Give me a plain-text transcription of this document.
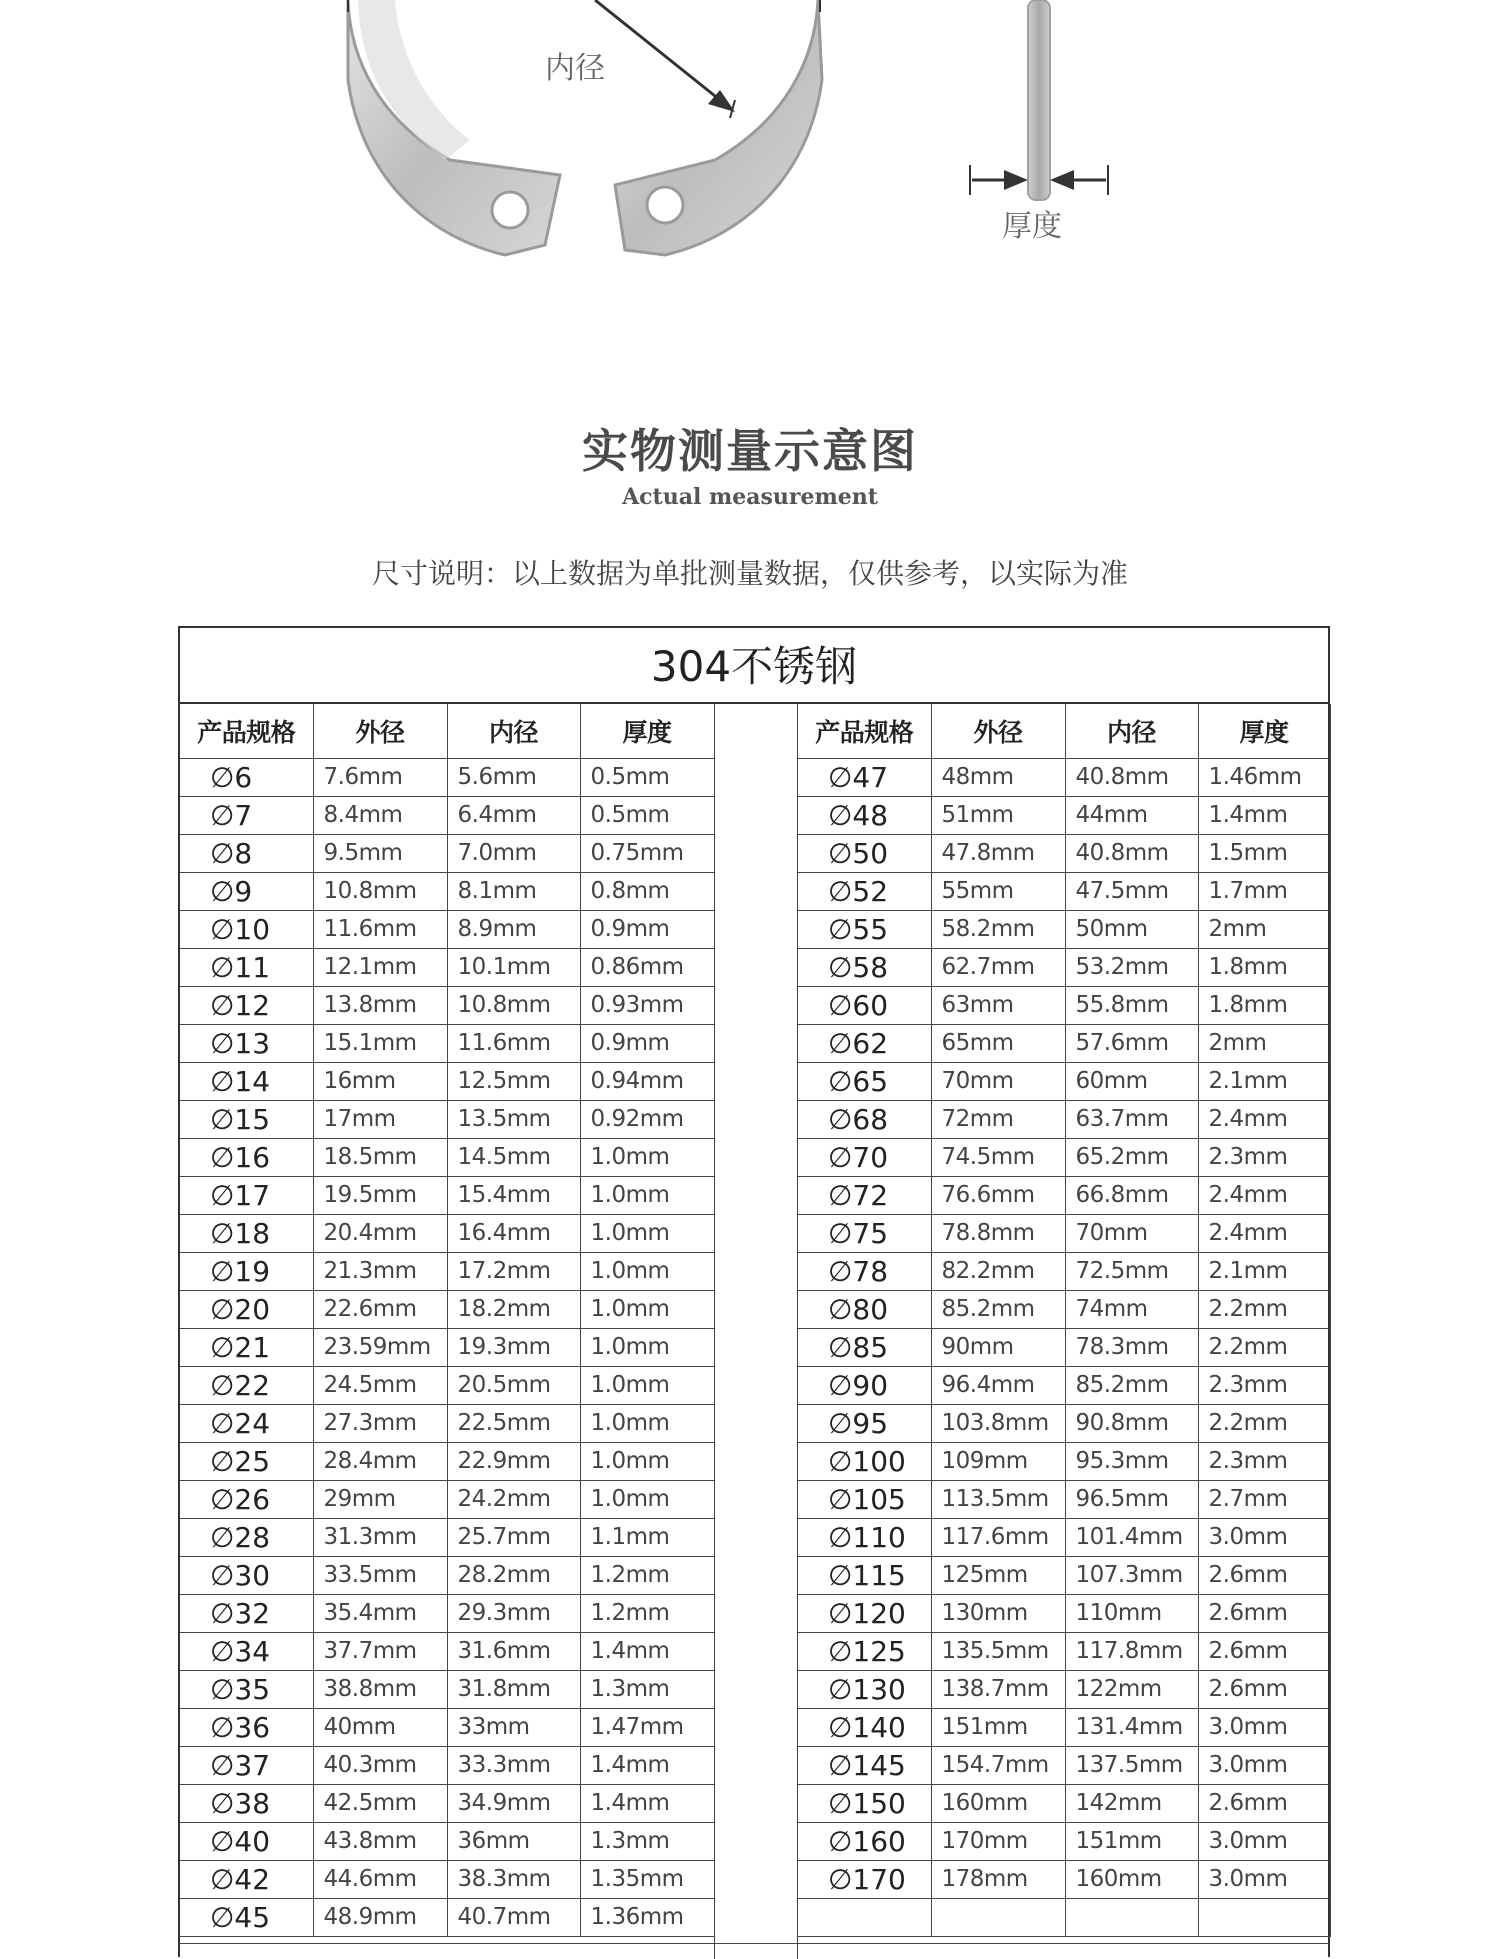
内径
厚度
实物测量示意图
Actual measurement
尺寸说明：以上数据为单批测量数据，仅供参考，以实际为准
304不锈钢
产品规格	外径	内径	厚度
∅6	7.6mm	5.6mm	0.5mm
∅7	8.4mm	6.4mm	0.5mm
∅8	9.5mm	7.0mm	0.75mm
∅9	10.8mm	8.1mm	0.8mm
∅10	11.6mm	8.9mm	0.9mm
∅11	12.1mm	10.1mm	0.86mm
∅12	13.8mm	10.8mm	0.93mm
∅13	15.1mm	11.6mm	0.9mm
∅14	16mm	12.5mm	0.94mm
∅15	17mm	13.5mm	0.92mm
∅16	18.5mm	14.5mm	1.0mm
∅17	19.5mm	15.4mm	1.0mm
∅18	20.4mm	16.4mm	1.0mm
∅19	21.3mm	17.2mm	1.0mm
∅20	22.6mm	18.2mm	1.0mm
∅21	23.59mm	19.3mm	1.0mm
∅22	24.5mm	20.5mm	1.0mm
∅24	27.3mm	22.5mm	1.0mm
∅25	28.4mm	22.9mm	1.0mm
∅26	29mm	24.2mm	1.0mm
∅28	31.3mm	25.7mm	1.1mm
∅30	33.5mm	28.2mm	1.2mm
∅32	35.4mm	29.3mm	1.2mm
∅34	37.7mm	31.6mm	1.4mm
∅35	38.8mm	31.8mm	1.3mm
∅36	40mm	33mm	1.47mm
∅37	40.3mm	33.3mm	1.4mm
∅38	42.5mm	34.9mm	1.4mm
∅40	43.8mm	36mm	1.3mm
∅42	44.6mm	38.3mm	1.35mm
∅45	48.9mm	40.7mm	1.36mm
产品规格	外径	内径	厚度
∅47	48mm	40.8mm	1.46mm
∅48	51mm	44mm	1.4mm
∅50	47.8mm	40.8mm	1.5mm
∅52	55mm	47.5mm	1.7mm
∅55	58.2mm	50mm	2mm
∅58	62.7mm	53.2mm	1.8mm
∅60	63mm	55.8mm	1.8mm
∅62	65mm	57.6mm	2mm
∅65	70mm	60mm	2.1mm
∅68	72mm	63.7mm	2.4mm
∅70	74.5mm	65.2mm	2.3mm
∅72	76.6mm	66.8mm	2.4mm
∅75	78.8mm	70mm	2.4mm
∅78	82.2mm	72.5mm	2.1mm
∅80	85.2mm	74mm	2.2mm
∅85	90mm	78.3mm	2.2mm
∅90	96.4mm	85.2mm	2.3mm
∅95	103.8mm	90.8mm	2.2mm
∅100	109mm	95.3mm	2.3mm
∅105	113.5mm	96.5mm	2.7mm
∅110	117.6mm	101.4mm	3.0mm
∅115	125mm	107.3mm	2.6mm
∅120	130mm	110mm	2.6mm
∅125	135.5mm	117.8mm	2.6mm
∅130	138.7mm	122mm	2.6mm
∅140	151mm	131.4mm	3.0mm
∅145	154.7mm	137.5mm	3.0mm
∅150	160mm	142mm	2.6mm
∅160	170mm	151mm	3.0mm
∅170	178mm	160mm	3.0mm
